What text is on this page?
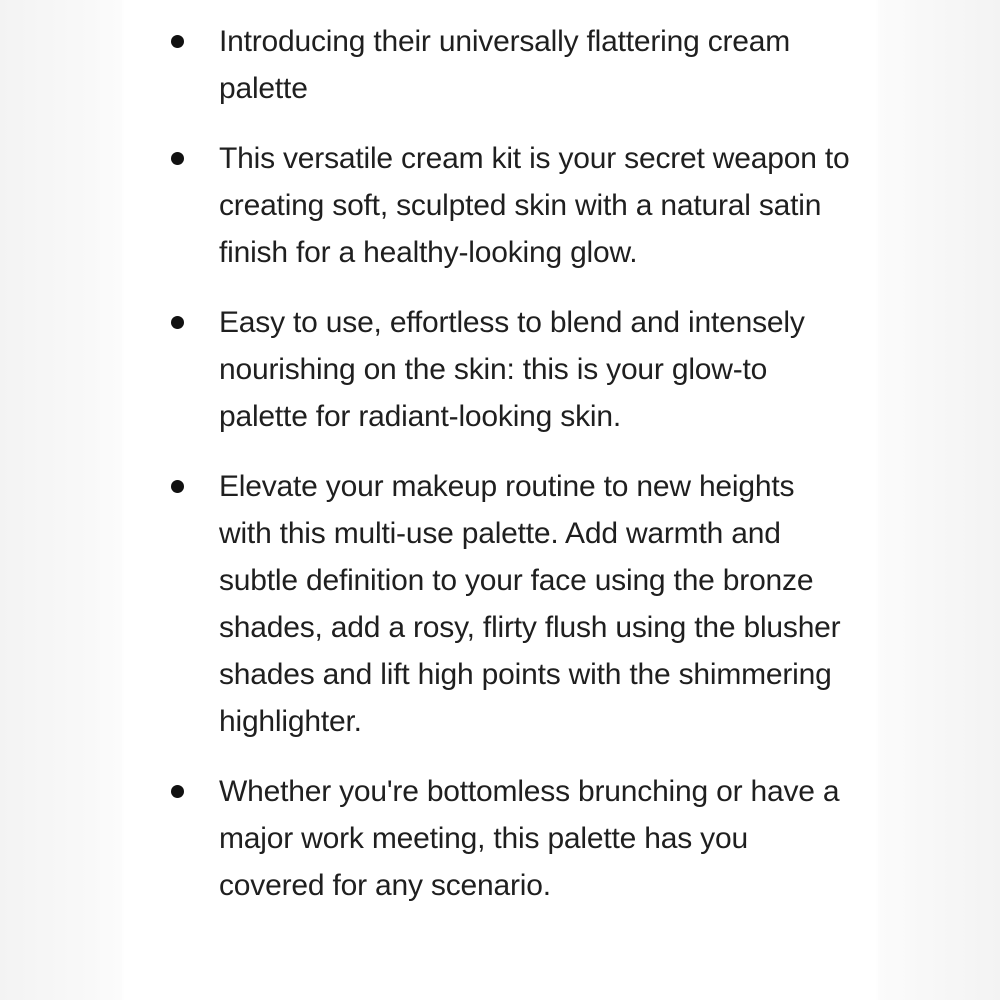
Introducing their universally flattering cream palette
This versatile cream kit is your secret weapon to creating soft, sculpted skin with a natural satin finish for a healthy-looking glow.
Easy to use, effortless to blend and intensely nourishing on the skin: this is your glow-to palette for radiant-looking skin.
Elevate your makeup routine to new heights with this multi-use palette. Add warmth and subtle definition to your face using the bronze shades, add a rosy, flirty flush using the blusher shades and lift high points with the shimmering highlighter.
Whether you're bottomless brunching or have a major work meeting, this palette has you covered for any scenario.
